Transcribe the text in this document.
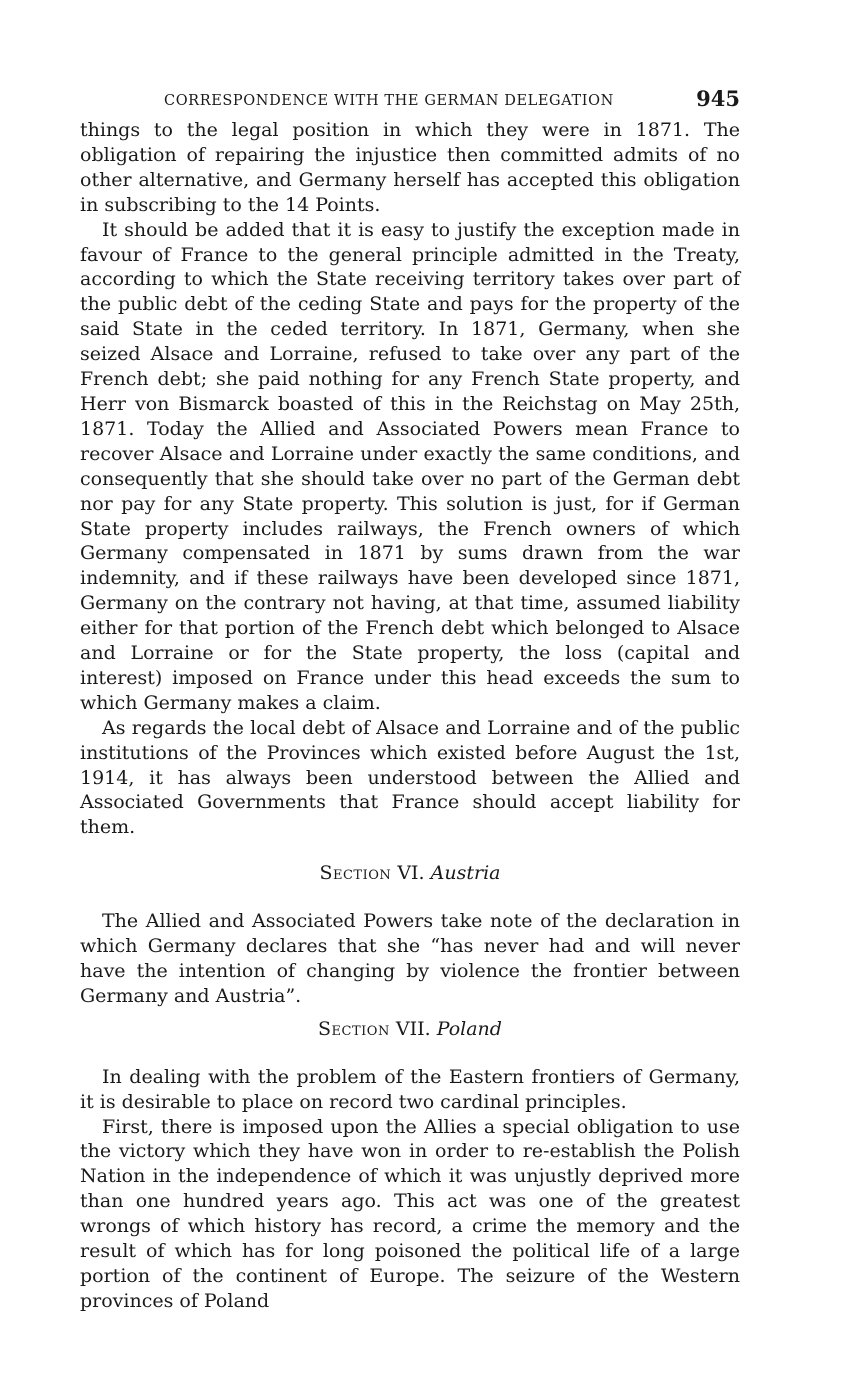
CORRESPONDENCE WITH THE GERMAN DELEGATION	945

things to the legal position in which they were in 1871. The obligation of repairing the injustice then committed admits of no other alternative, and Germany herself has accepted this obligation in subscribing to the 14 Points.

It should be added that it is easy to justify the exception made in favour of France to the general principle admitted in the Treaty, according to which the State receiving territory takes over part of the public debt of the ceding State and pays for the property of the said State in the ceded territory. In 1871, Germany, when she seized Alsace and Lorraine, refused to take over any part of the French debt; she paid nothing for any French State property, and Herr von Bismarck boasted of this in the Reichstag on May 25th, 1871. Today the Allied and Associated Powers mean France to recover Alsace and Lorraine under exactly the same conditions, and consequently that she should take over no part of the German debt nor pay for any State property. This solution is just, for if German State property includes railways, the French owners of which Germany compensated in 1871 by sums drawn from the war indemnity, and if these railways have been developed since 1871, Germany on the contrary not having, at that time, assumed liability either for that portion of the French debt which belonged to Alsace and Lorraine or for the State property, the loss (capital and interest) imposed on France under this head exceeds the sum to which Germany makes a claim.

As regards the local debt of Alsace and Lorraine and of the public institutions of the Provinces which existed before August the 1st, 1914, it has always been understood between the Allied and Associated Governments that France should accept liability for them.

Section VI. Austria

The Allied and Associated Powers take note of the declaration in which Germany declares that she “has never had and will never have the intention of changing by violence the frontier between Germany and Austria”.

Section VII. Poland

In dealing with the problem of the Eastern frontiers of Germany, it is desirable to place on record two cardinal principles.

First, there is imposed upon the Allies a special obligation to use the victory which they have won in order to re-establish the Polish Nation in the independence of which it was unjustly deprived more than one hundred years ago. This act was one of the greatest wrongs of which history has record, a crime the memory and the result of which has for long poisoned the political life of a large portion of the continent of Europe. The seizure of the Western provinces of Poland
